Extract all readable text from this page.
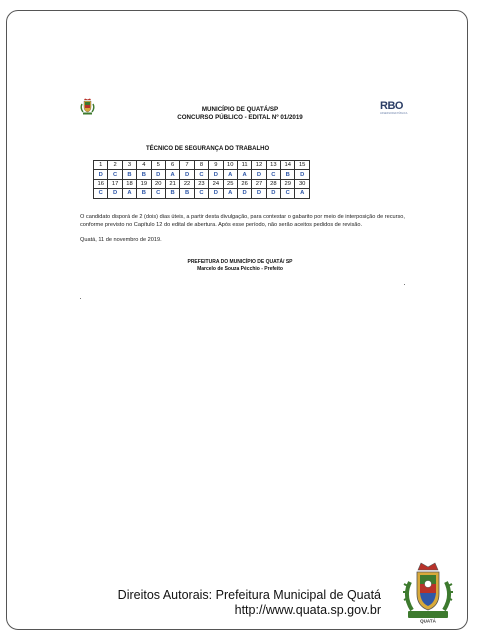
RBO
ASSESSORIA PÚBLICA
MUNICÍPIO DE QUATÁ/SP
CONCURSO PÚBLICO - EDITAL Nº 01/2019
TÉCNICO DE SEGURANÇA DO TRABALHO
1	2	3	4	5	6	7	8	9	10	11	12	13	14	15
D	C	B	B	D	A	D	C	D	A	A	D	C	B	D
16	17	18	19	20	21	22	23	24	25	26	27	28	29	30
C	D	A	B	C	B	B	C	D	A	D	D	D	C	A
O candidato disporá de 2 (dois) dias úteis, a partir desta divulgação, para contestar o gabarito por meio de interposição de recurso, conforme previsto no Capítulo 12 do edital de abertura. Após esse período, não serão aceitos pedidos de revisão.
Quatá, 11 de novembro de 2019.
PREFEITURA DO MUNICÍPIO DE QUATÁ/ SP
Marcelo de Souza Pécchio - Prefeito
Direitos Autorais: Prefeitura Municipal de Quatá
http://www.quata.sp.gov.br
QUATÁ
